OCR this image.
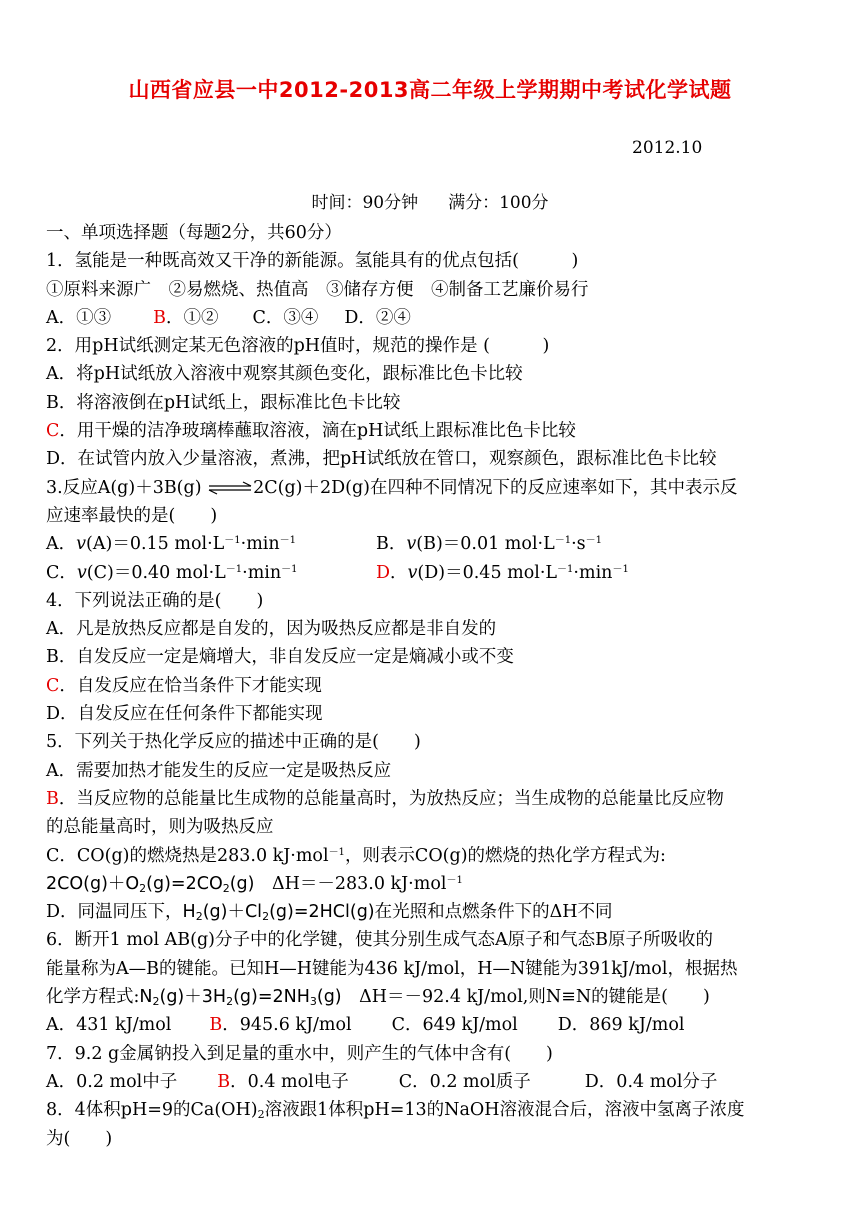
山西省应县一中2012-2013高二年级上学期期中考试化学试题
2012.10
时间：90分钟 满分：100分
一、单项选择题（每题2分，共60分）
1．氢能是一种既高效又干净的新能源。氢能具有的优点包括(　　　)
①原料来源广　②易燃烧、热值高　③储存方便　④制备工艺廉价易行
A．①③ B．①② C．③④ D．②④
2．用pH试纸测定某无色溶液的pH值时，规范的操作是 (　　　)
A．将pH试纸放入溶液中观察其颜色变化，跟标准比色卡比较
B．将溶液倒在pH试纸上，跟标准比色卡比较
C．用干燥的洁净玻璃棒蘸取溶液，滴在pH试纸上跟标准比色卡比较
D．在试管内放入少量溶液，煮沸，把pH试纸放在管口，观察颜色，跟标准比色卡比较
3.反应A(g)＋3B(g) ⇌2C(g)＋2D(g)在四种不同情况下的反应速率如下，其中表示反
应速率最快的是(　　)
A．v(A)＝0.15 $mol\cdot L^{-1}\cdot\min^{-1}$	B．v(B)＝0.01 $mol\cdot L^{-1}\cdot s^{-1}$
C．v(C)＝0.40 $mol\cdot L^{-1}\cdot\min^{-1}$	D．v(D)＝0.45 $mol\cdot L^{-1}\cdot\min^{-1}$
4．下列说法正确的是(　　)
A．凡是放热反应都是自发的，因为吸热反应都是非自发的
B．自发反应一定是熵增大，非自发反应一定是熵减小或不变
C．自发反应在恰当条件下才能实现
D．自发反应在任何条件下都能实现
5．下列关于热化学反应的描述中正确的是(　　)
A．需要加热才能发生的反应一定是吸热反应
B．当反应物的总能量比生成物的总能量高时，为放热反应；当生成物的总能量比反应物
的总能量高时，则为吸热反应
C．CO(g)的燃烧热是283.0 kJ·mol$^{-1}$，则表示CO(g)的燃烧的热化学方程式为:
$2CO(g)+O_2(g)=2CO_2(g)$　ΔH＝－283.0 kJ·mol$^{-1}$
D．同温同压下，$H_2(g)+Cl_2(g)=2HCl(g)$在光照和点燃条件下的ΔH不同
6．断开1 mol AB(g)分子中的化学键，使其分别生成气态A原子和气态B原子所吸收的
能量称为A—B的键能。已知H—H键能为436 kJ/mol，H—N键能为391kJ/mol，根据热
化学方程式$:N_2(g)+3H_2(g)=2NH_3(g)$　ΔH＝－92.4 kJ/mol,则N≡N的键能是(　　)
A．431 kJ/mol B．945.6 kJ/mol C．649 kJ/mol D．869 kJ/mol
7．9.2 g金属钠投入到足量的重水中，则产生的气体中含有(　　)
A．0.2 mol中子 B．0.4 mol电子	C．0.2 mol质子	D．0.4 mol分子
8．4体积pH=9的$Ca(OH)_2$溶液跟1体积pH=13的NaOH溶液混合后，溶液中氢离子浓度
为(　　)
